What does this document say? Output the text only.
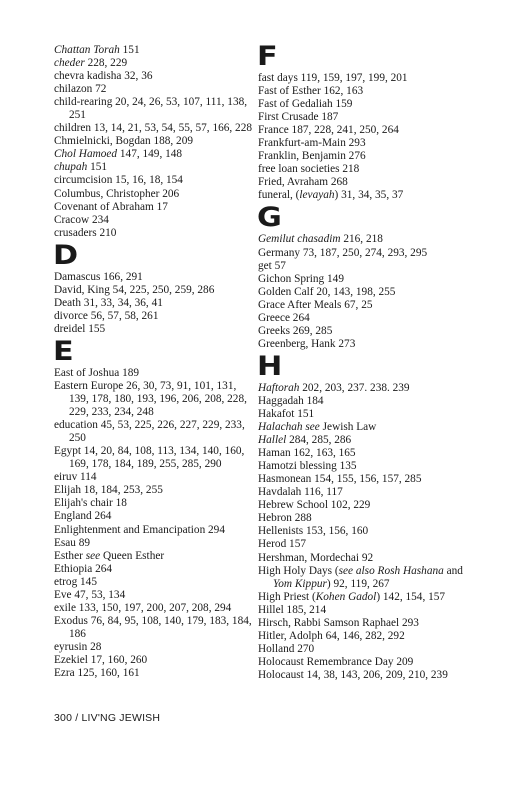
Chattan Torah 151
cheder 228, 229
chevra kadisha 32, 36
chilazon 72
child-rearing 20, 24, 26, 53, 107, 111, 138, 251
children 13, 14, 21, 53, 54, 55, 57, 166, 228
Chmielnicki, Bogdan 188, 209
Chol Hamoed 147, 149, 148
chupah 151
circumcision 15, 16, 18, 154
Columbus, Christopher 206
Covenant of Abraham 17
Cracow 234
crusaders 210
D
Damascus 166, 291
David, King 54, 225, 250, 259, 286
Death 31, 33, 34, 36, 41
divorce 56, 57, 58, 261
dreidel 155
E
East of Joshua 189
Eastern Europe 26, 30, 73, 91, 101, 131, 139, 178, 180, 193, 196, 206, 208, 228, 229, 233, 234, 248
education 45, 53, 225, 226, 227, 229, 233, 250
Egypt 14, 20, 84, 108, 113, 134, 140, 160, 169, 178, 184, 189, 255, 285, 290
eiruv 114
Elijah 18, 184, 253, 255
Elijah's chair 18
England 264
Enlightenment and Emancipation 294
Esau 89
Esther see Queen Esther
Ethiopia 264
etrog 145
Eve 47, 53, 134
exile 133, 150, 197, 200, 207, 208, 294
Exodus 76, 84, 95, 108, 140, 179, 183, 184, 186
eyrusin 28
Ezekiel 17, 160, 260
Ezra 125, 160, 161
F
fast days 119, 159, 197, 199, 201
Fast of Esther 162, 163
Fast of Gedaliah 159
First Crusade 187
France 187, 228, 241, 250, 264
Frankfurt-am-Main 293
Franklin, Benjamin 276
free loan societies 218
Fried, Avraham 268
funeral, (levayah) 31, 34, 35, 37
G
Gemilut chasadim 216, 218
Germany 73, 187, 250, 274, 293, 295
get 57
Gichon Spring 149
Golden Calf 20, 143, 198, 255
Grace After Meals 67, 25
Greece 264
Greeks 269, 285
Greenberg, Hank 273
H
Haftorah 202, 203, 237. 238. 239
Haggadah 184
Hakafot 151
Halachah see Jewish Law
Hallel 284, 285, 286
Haman 162, 163, 165
Hamotzi blessing 135
Hasmonean 154, 155, 156, 157, 285
Havdalah 116, 117
Hebrew School 102, 229
Hebron 288
Hellenists 153, 156, 160
Herod 157
Hershman, Mordechai 92
High Holy Days (see also Rosh Hashana and Yom Kippur) 92, 119, 267
High Priest (Kohen Gadol) 142, 154, 157
Hillel 185, 214
Hirsch, Rabbi Samson Raphael 293
Hitler, Adolph 64, 146, 282, 292
Holland 270
Holocaust Remembrance Day 209
Holocaust 14, 38, 143, 206, 209, 210, 239
300 / LIV'NG JEWISH
